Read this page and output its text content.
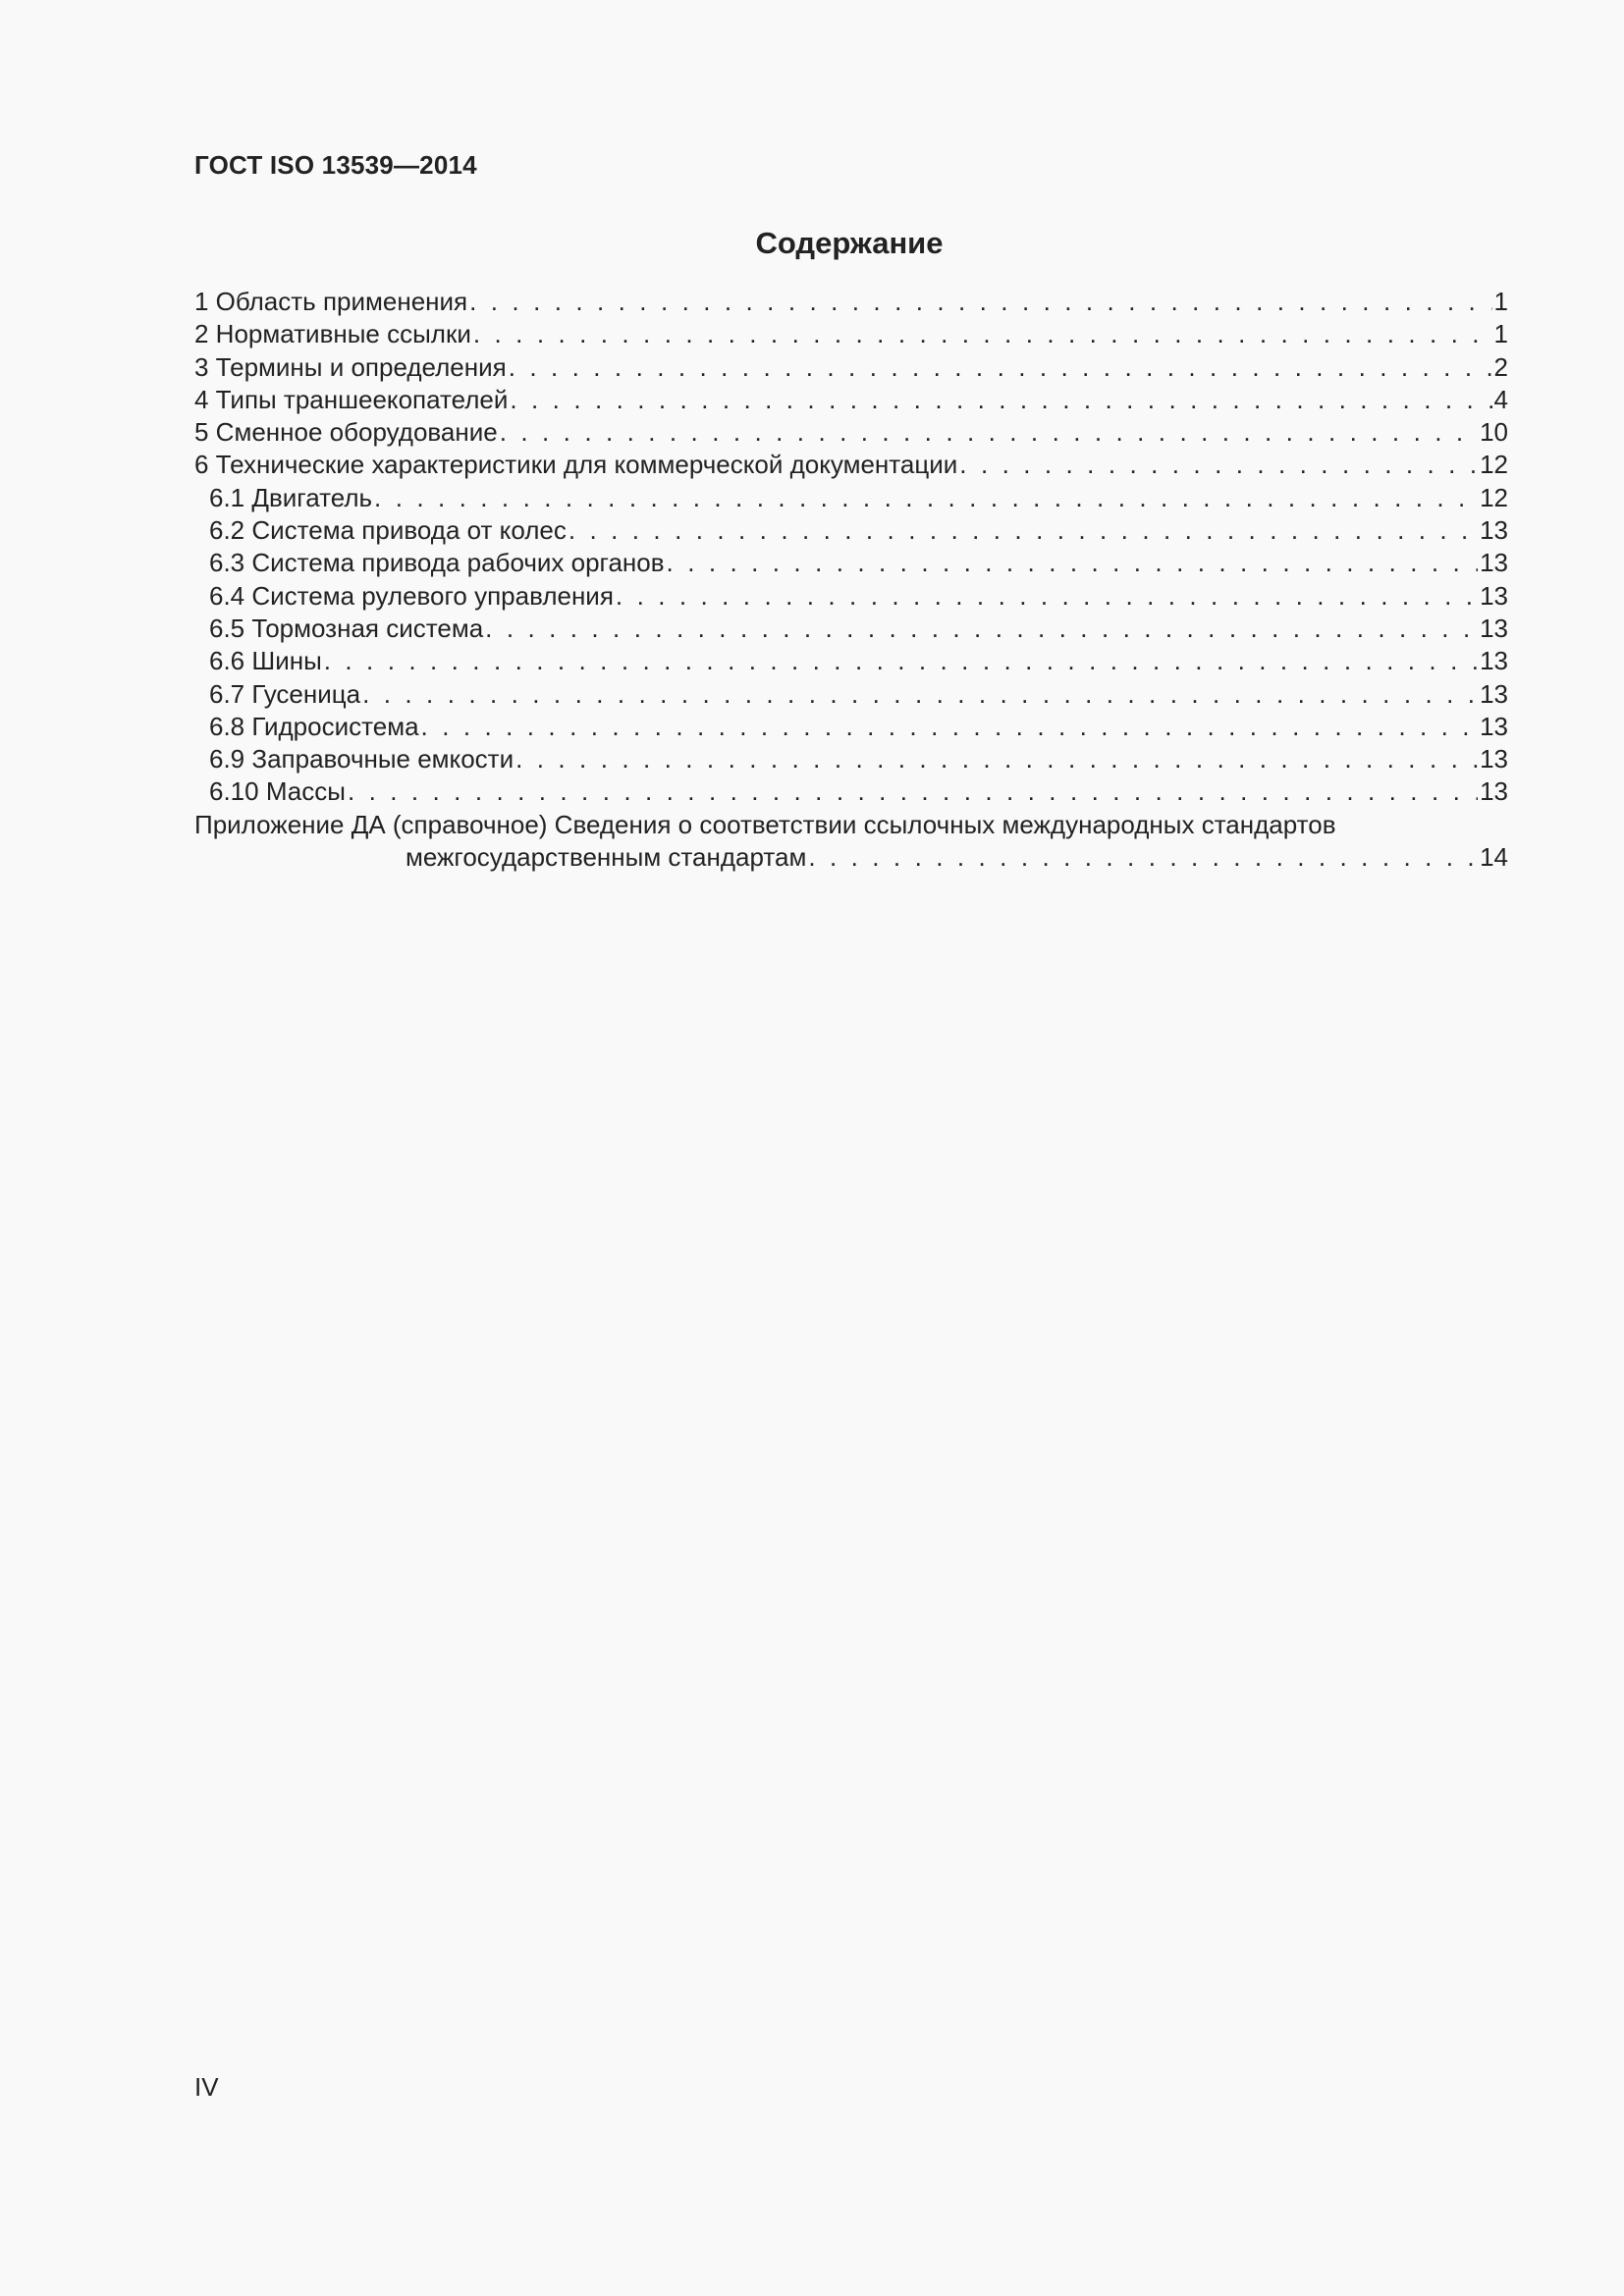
ГОСТ ISO 13539—2014
Содержание
1 Область применения . . .	1
2 Нормативные ссылки . . .	1
3 Термины и определения . . .	2
4 Типы траншеекопателей . . .	4
5 Сменное оборудование . . .	10
6 Технические характеристики для коммерческой документации . . .	12
6.1 Двигатель . . .	12
6.2 Система привода от колес . . .	13
6.3 Система привода рабочих органов . . .	13
6.4 Система рулевого управления . . .	13
6.5 Тормозная система . . .	13
6.6 Шины . . .	13
6.7 Гусеница . . .	13
6.8 Гидросистема . . .	13
6.9 Заправочные емкости . . .	13
6.10 Массы . . .	13
Приложение ДА (справочное) Сведения о соответствии ссылочных международных стандартов
межгосударственным стандартам . . .	14
IV
